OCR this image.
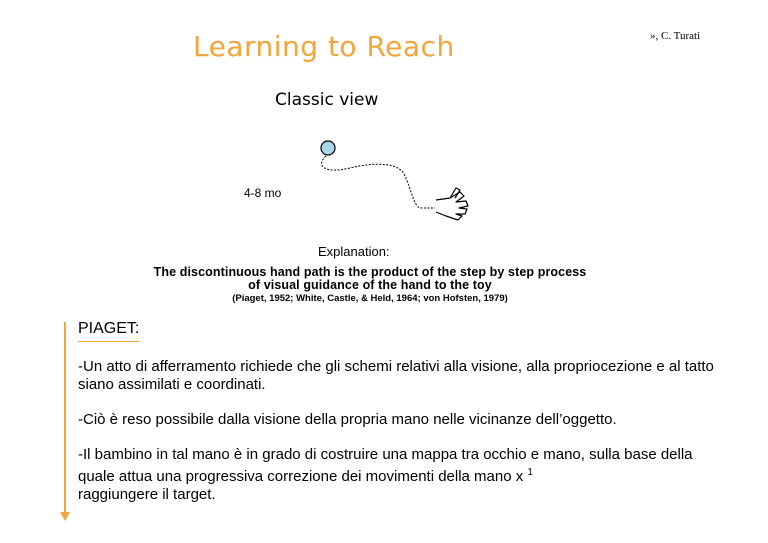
Learning to Reach	», C. Turati
Classic view
4-8 mo
Explanation:
The discontinuous hand path is the product of the step by step process of visual guidance of the hand to the toy
(Piaget, 1952; White, Castle, & Held, 1964; von Hofsten, 1979)
PIAGET:

-Un atto di afferramento richiede che gli schemi relativi alla visione, alla propriocezione e al tatto siano assimilati e coordinati.

-Ciò è reso possibile dalla visione della propria mano nelle vicinanze dell’oggetto.

-Il bambino in tal mano è in grado di costruire una mappa tra occhio e mano, sulla base della quale attua una progressiva correzione dei movimenti della mano x $^1$
raggiungere il target.
